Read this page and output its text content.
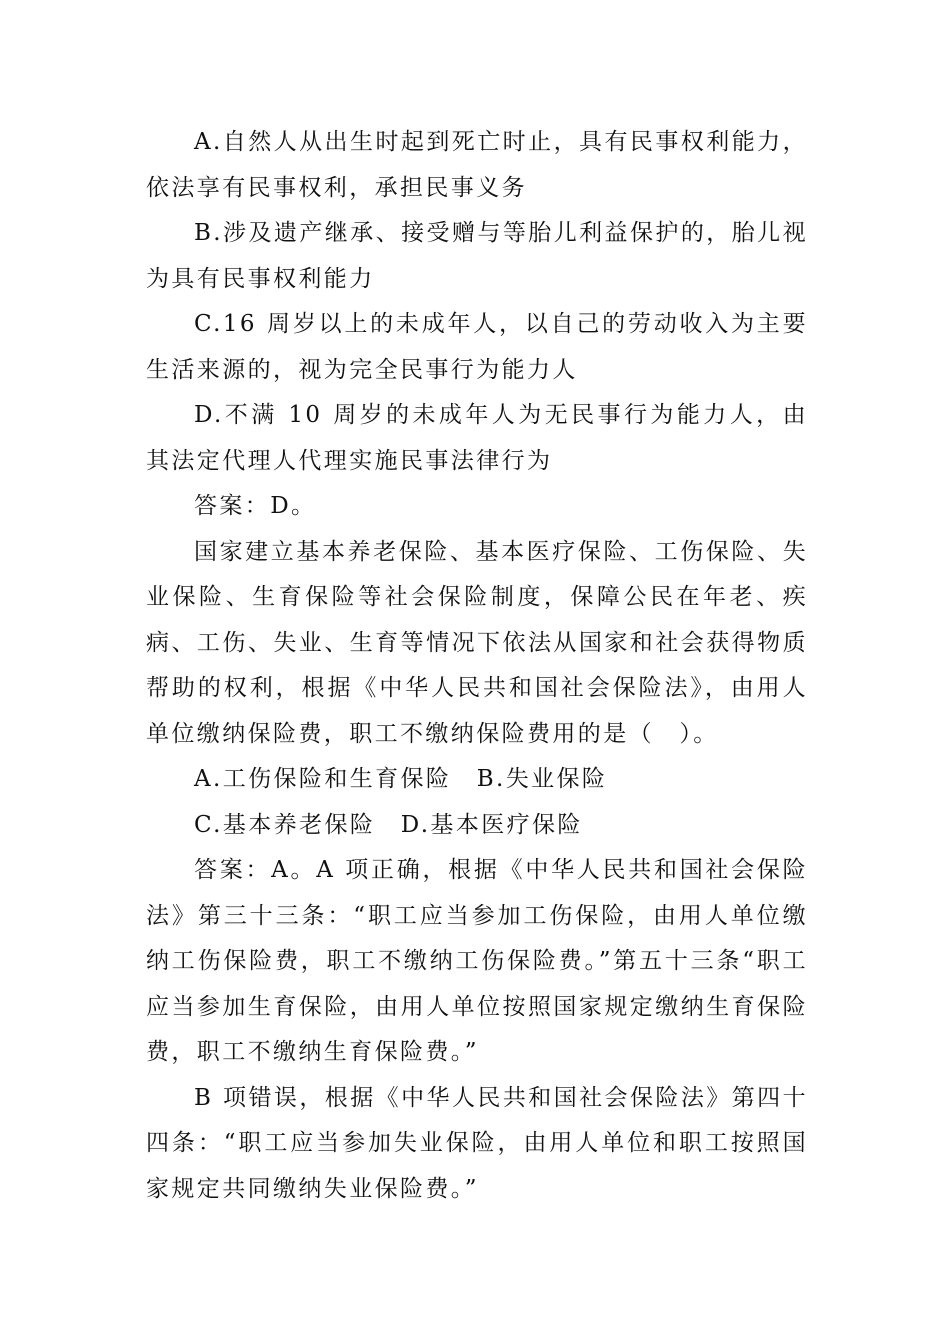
A.自然人从出生时起到死亡时止，具有民事权利能力，依法享有民事权利，承担民事义务

B.涉及遗产继承、接受赠与等胎儿利益保护的，胎儿视为具有民事权利能力

C.16 周岁以上的未成年人，以自己的劳动收入为主要生活来源的，视为完全民事行为能力人

D.不满 10 周岁的未成年人为无民事行为能力人，由其法定代理人代理实施民事法律行为

答案：D。

国家建立基本养老保险、基本医疗保险、工伤保险、失业保险、生育保险等社会保险制度，保障公民在年老、疾病、工伤、失业、生育等情况下依法从国家和社会获得物质帮助的权利，根据《中华人民共和国社会保险法》，由用人单位缴纳保险费，职工不缴纳保险费用的是（　）。

A.工伤保险和生育保险　B.失业保险

C.基本养老保险　D.基本医疗保险

答案：A。A 项正确，根据《中华人民共和国社会保险法》第三十三条：“职工应当参加工伤保险，由用人单位缴纳工伤保险费，职工不缴纳工伤保险费。”第五十三条“职工应当参加生育保险，由用人单位按照国家规定缴纳生育保险费，职工不缴纳生育保险费。”

B 项错误，根据《中华人民共和国社会保险法》第四十四条：“职工应当参加失业保险，由用人单位和职工按照国家规定共同缴纳失业保险费。”
